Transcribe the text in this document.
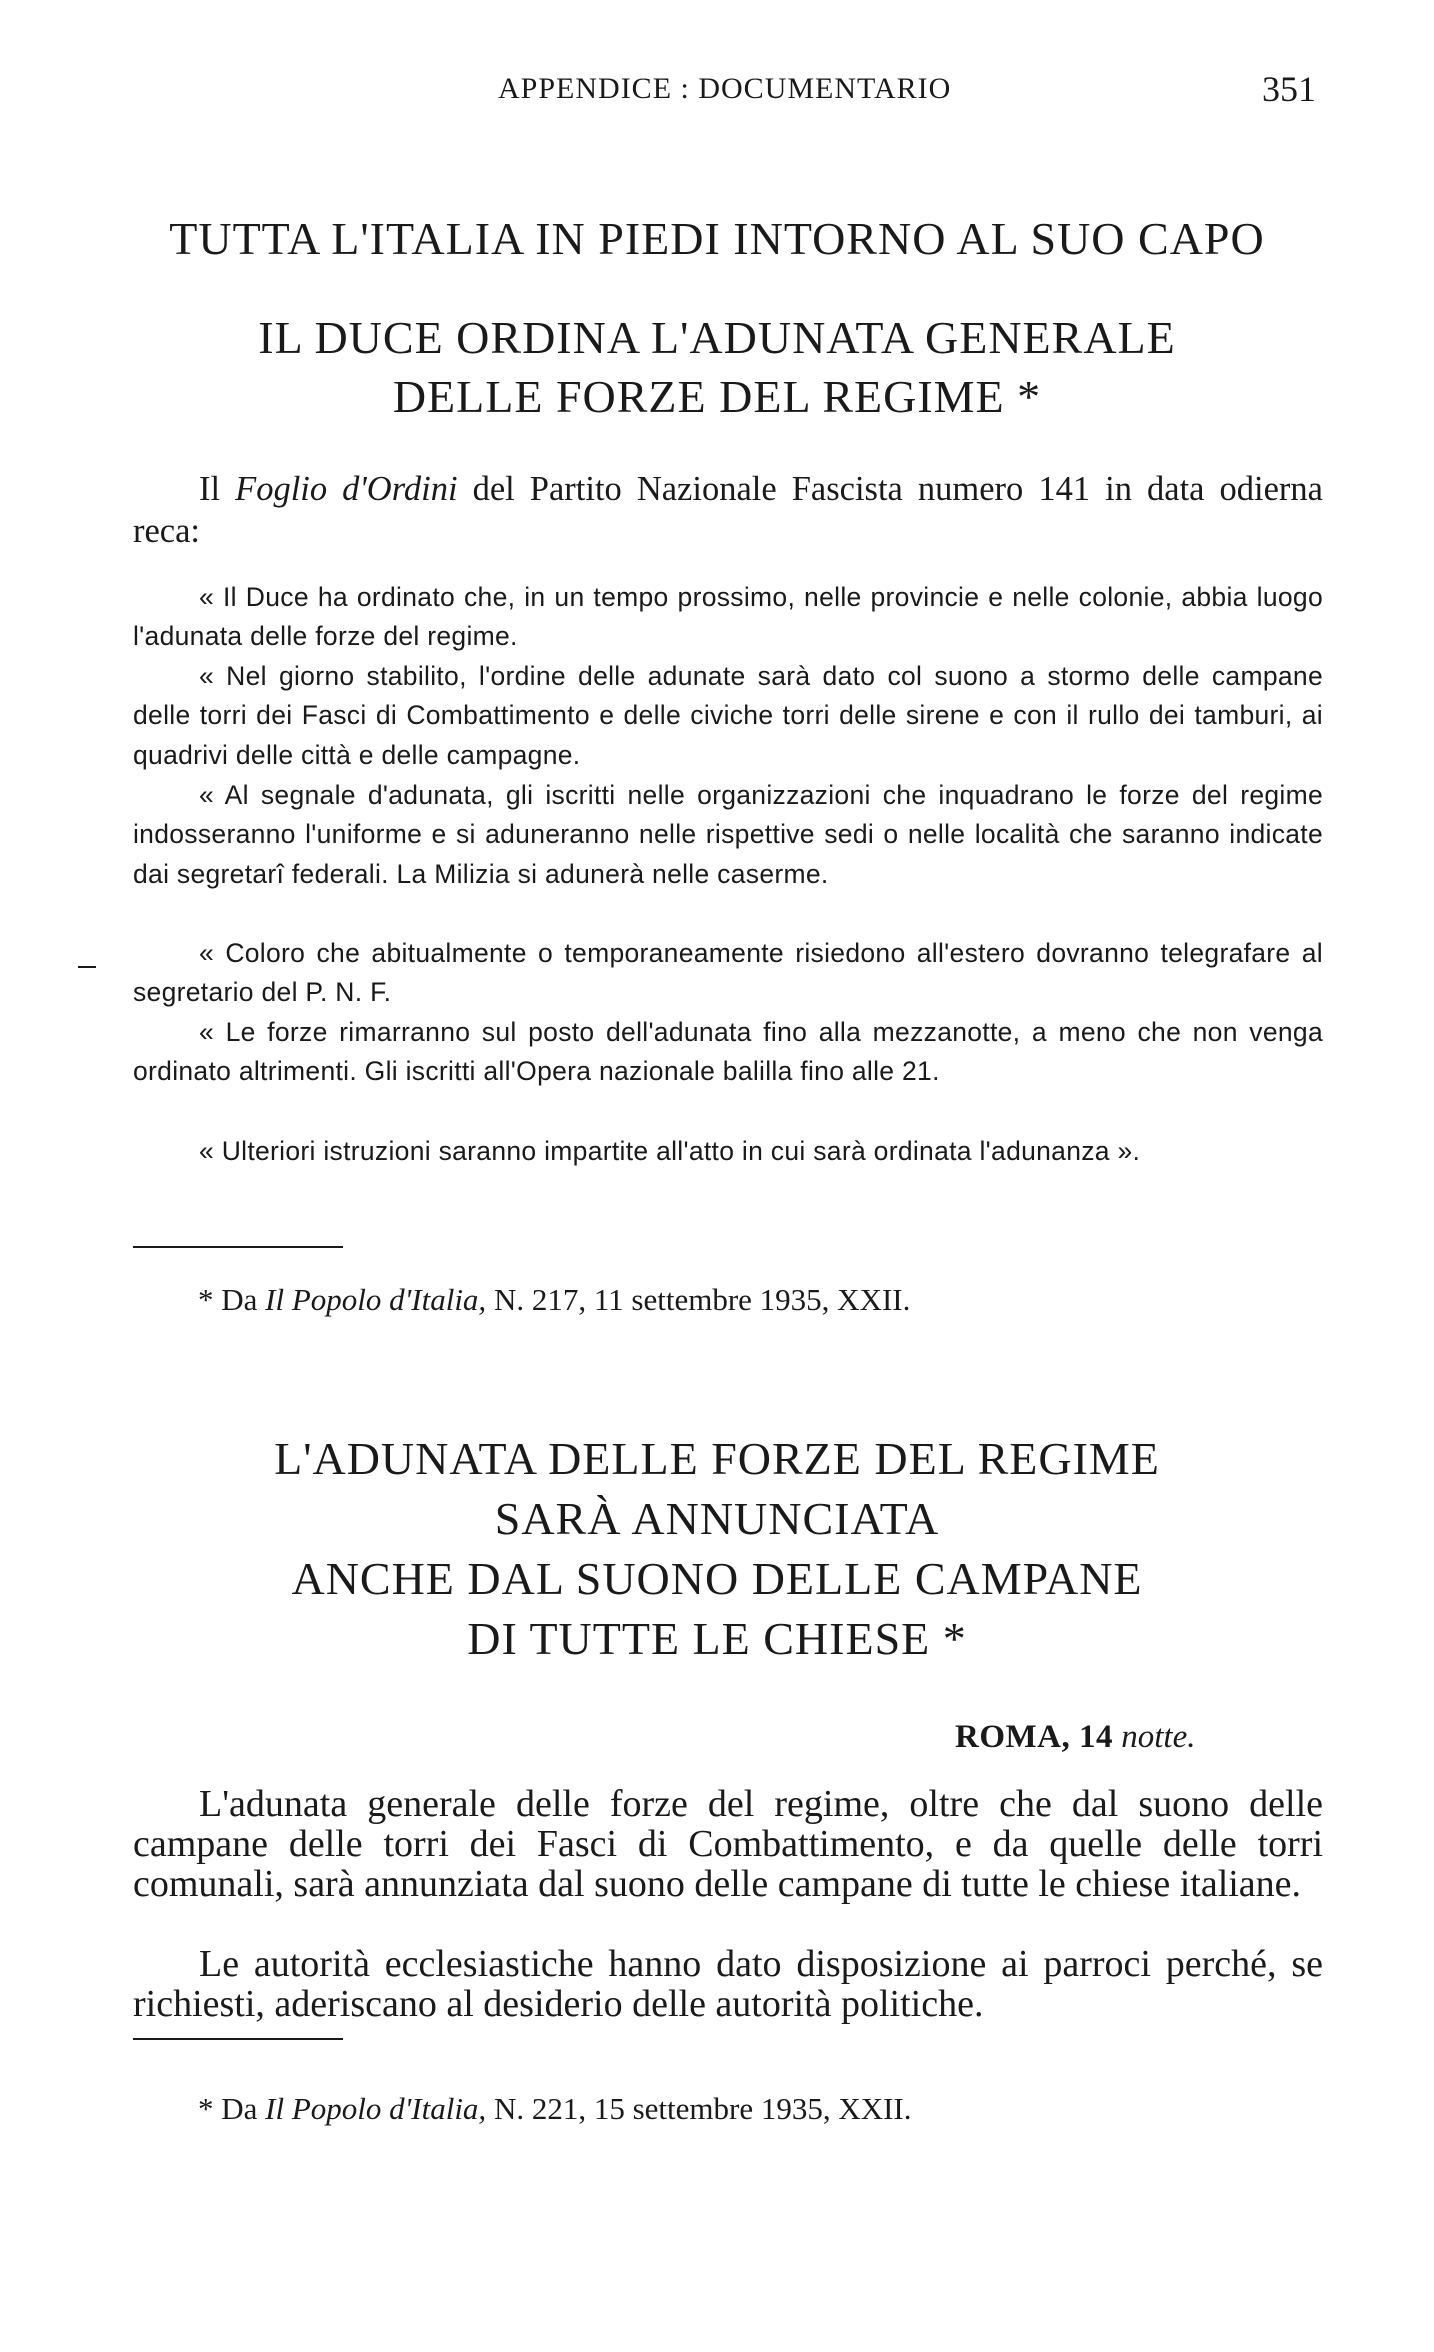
APPENDICE : DOCUMENTARIO	351
TUTTA L'ITALIA IN PIEDI INTORNO AL SUO CAPO
IL DUCE ORDINA L'ADUNATA GENERALE
DELLE FORZE DEL REGIME *

Il Foglio d'Ordini del Partito Nazionale Fascista numero 141 in data odierna reca:

« Il Duce ha ordinato che, in un tempo prossimo, nelle provincie e nelle colonie, abbia luogo l'adunata delle forze del regime.

« Nel giorno stabilito, l'ordine delle adunate sarà dato col suono a stormo delle campane delle torri dei Fasci di Combattimento e delle civiche torri delle sirene e con il rullo dei tamburi, ai quadrivi delle città e delle campagne.

« Al segnale d'adunata, gli iscritti nelle organizzazioni che inquadrano le forze del regime indosseranno l'uniforme e si aduneranno nelle rispettive sedi o nelle località che saranno indicate dai segretarî federali. La Milizia si adunerà nelle caserme.

« Coloro che abitualmente o temporaneamente risiedono all'estero dovranno telegrafare al segretario del P. N. F.

« Le forze rimarranno sul posto dell'adunata fino alla mezzanotte, a meno che non venga ordinato altrimenti. Gli iscritti all'Opera nazionale balilla fino alle 21.

« Ulteriori istruzioni saranno impartite all'atto in cui sarà ordinata l'adunanza ».

* Da Il Popolo d'Italia, N. 217, 11 settembre 1935, XXII.
L'ADUNATA DELLE FORZE DEL REGIME
SARÀ ANNUNCIATA
ANCHE DAL SUONO DELLE CAMPANE
DI TUTTE LE CHIESE *
ROMA, 14 notte.

L'adunata generale delle forze del regime, oltre che dal suono delle campane delle torri dei Fasci di Combattimento, e da quelle delle torri comunali, sarà annunziata dal suono delle campane di tutte le chiese italiane.

Le autorità ecclesiastiche hanno dato disposizione ai parroci perché, se richiesti, aderiscano al desiderio delle autorità politiche.

* Da Il Popolo d'Italia, N. 221, 15 settembre 1935, XXII.
